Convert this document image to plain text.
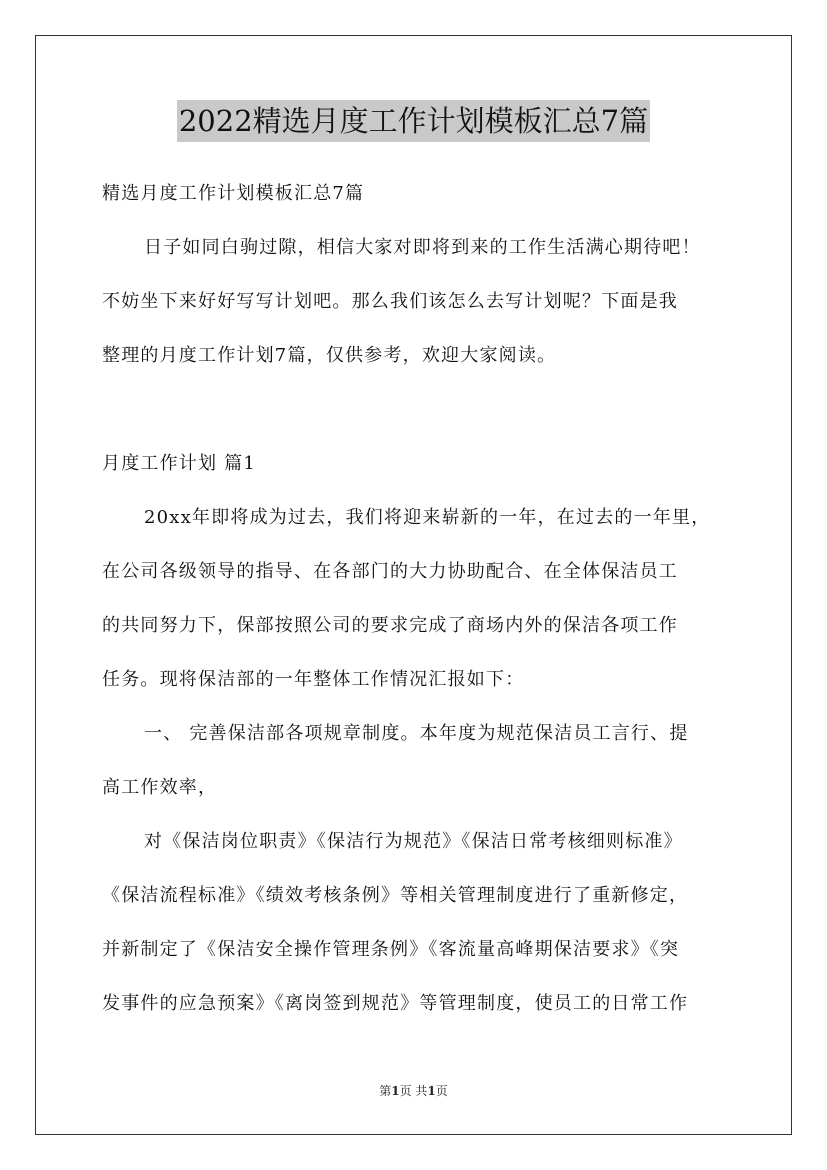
2022精选月度工作计划模板汇总7篇
精选月度工作计划模板汇总7篇
日子如同白驹过隙，相信大家对即将到来的工作生活满心期待吧！
不妨坐下来好好写写计划吧。那么我们该怎么去写计划呢？下面是我
整理的月度工作计划7篇，仅供参考，欢迎大家阅读。
月度工作计划 篇1
20xx年即将成为过去，我们将迎来崭新的一年，在过去的一年里，
在公司各级领导的指导、在各部门的大力协助配合、在全体保洁员工
的共同努力下，保部按照公司的要求完成了商场内外的保洁各项工作
任务。现将保洁部的一年整体工作情况汇报如下：
一、 完善保洁部各项规章制度。本年度为规范保洁员工言行、提
高工作效率，
对《保洁岗位职责》《保洁行为规范》《保洁日常考核细则标准》
《保洁流程标准》《绩效考核条例》等相关管理制度进行了重新修定，
并新制定了《保洁安全操作管理条例》《客流量高峰期保洁要求》《突
发事件的应急预案》《离岗签到规范》等管理制度，使员工的日常工作
第1页 共1页
